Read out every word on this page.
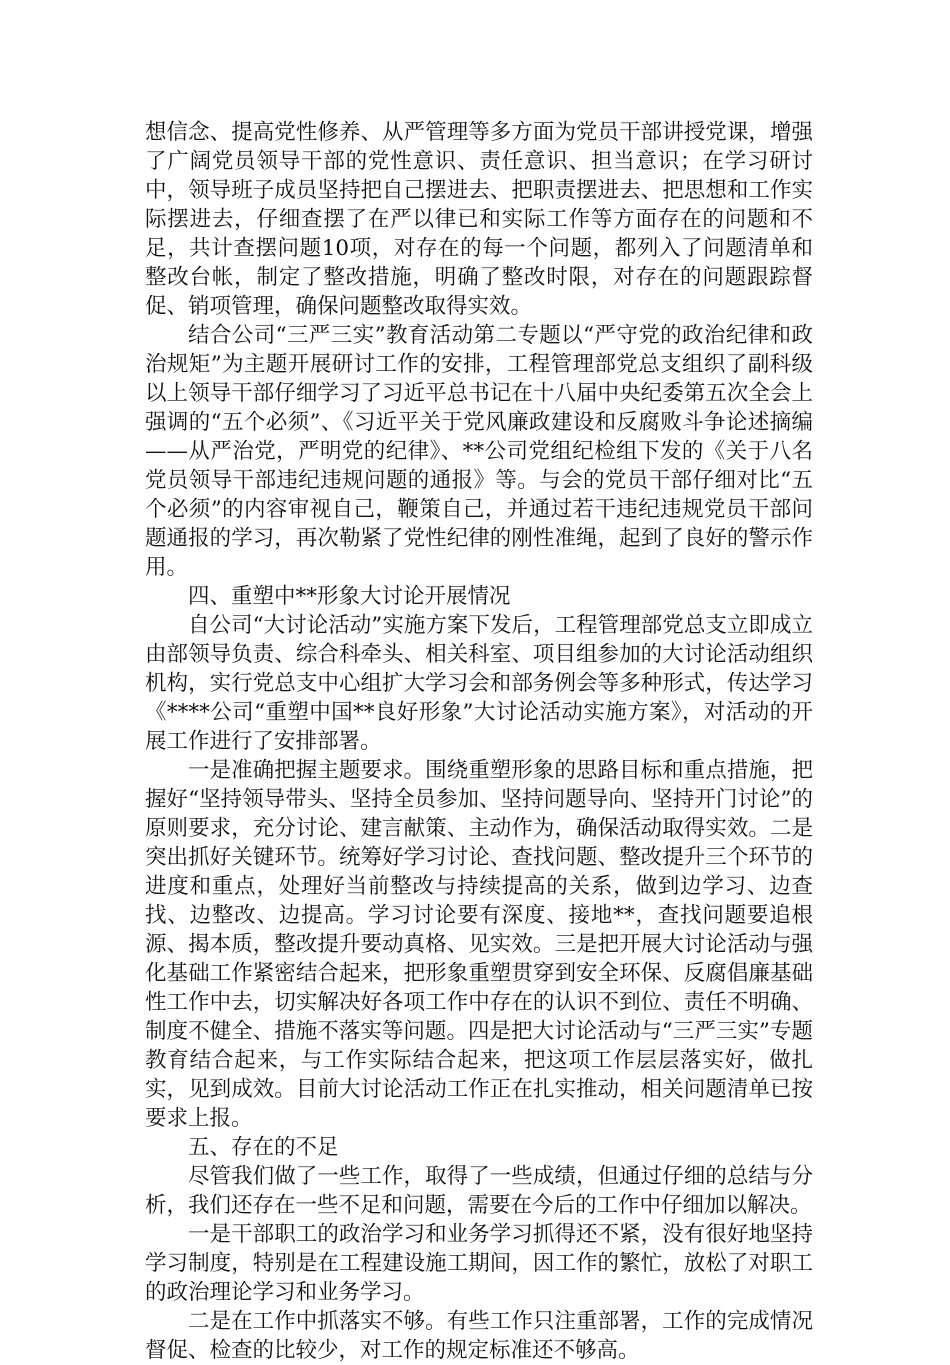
想信念、提高党性修养、从严管理等多方面为党员干部讲授党课，增强了广阔党员领导干部的党性意识、责任意识、担当意识；在学习研讨中，领导班子成员坚持把自己摆进去、把职责摆进去、把思想和工作实际摆进去，仔细查摆了在严以律已和实际工作等方面存在的问题和不足，共计查摆问题10项，对存在的每一个问题，都列入了问题清单和整改台帐，制定了整改措施，明确了整改时限，对存在的问题跟踪督促、销项管理，确保问题整改取得实效。

结合公司“三严三实”教育活动第二专题以“严守党的政治纪律和政治规矩”为主题开展研讨工作的安排，工程管理部党总支组织了副科级以上领导干部仔细学习了习近平总书记在十八届中央纪委第五次全会上强调的“五个必须”、《习近平关于党风廉政建设和反腐败斗争论述摘编——从严治党，严明党的纪律》、**公司党组纪检组下发的《关于八名党员领导干部违纪违规问题的通报》等。与会的党员干部仔细对比“五个必须”的内容审视自己，鞭策自己，并通过若干违纪违规党员干部问题通报的学习，再次勒紧了党性纪律的刚性准绳，起到了良好的警示作用。

四、重塑中**形象大讨论开展情况

自公司“大讨论活动”实施方案下发后，工程管理部党总支立即成立由部领导负责、综合科牵头、相关科室、项目组参加的大讨论活动组织机构，实行党总支中心组扩大学习会和部务例会等多种形式，传达学习《****公司“重塑中国**良好形象”大讨论活动实施方案》，对活动的开展工作进行了安排部署。

一是准确把握主题要求。围绕重塑形象的思路目标和重点措施，把握好“坚持领导带头、坚持全员参加、坚持问题导向、坚持开门讨论”的原则要求，充分讨论、建言献策、主动作为，确保活动取得实效。二是突出抓好关键环节。统筹好学习讨论、查找问题、整改提升三个环节的进度和重点，处理好当前整改与持续提高的关系，做到边学习、边查找、边整改、边提高。学习讨论要有深度、接地**，查找问题要追根源、揭本质，整改提升要动真格、见实效。三是把开展大讨论活动与强化基础工作紧密结合起来，把形象重塑贯穿到安全环保、反腐倡廉基础性工作中去，切实解决好各项工作中存在的认识不到位、责任不明确、制度不健全、措施不落实等问题。四是把大讨论活动与“三严三实”专题教育结合起来，与工作实际结合起来，把这项工作层层落实好，做扎实，见到成效。目前大讨论活动工作正在扎实推动，相关问题清单已按要求上报。

五、存在的不足

尽管我们做了一些工作，取得了一些成绩，但通过仔细的总结与分析，我们还存在一些不足和问题，需要在今后的工作中仔细加以解决。

一是干部职工的政治学习和业务学习抓得还不紧，没有很好地坚持学习制度，特别是在工程建设施工期间，因工作的繁忙，放松了对职工的政治理论学习和业务学习。

二是在工作中抓落实不够。有些工作只注重部署，工作的完成情况督促、检查的比较少，对工作的规定标准还不够高。
